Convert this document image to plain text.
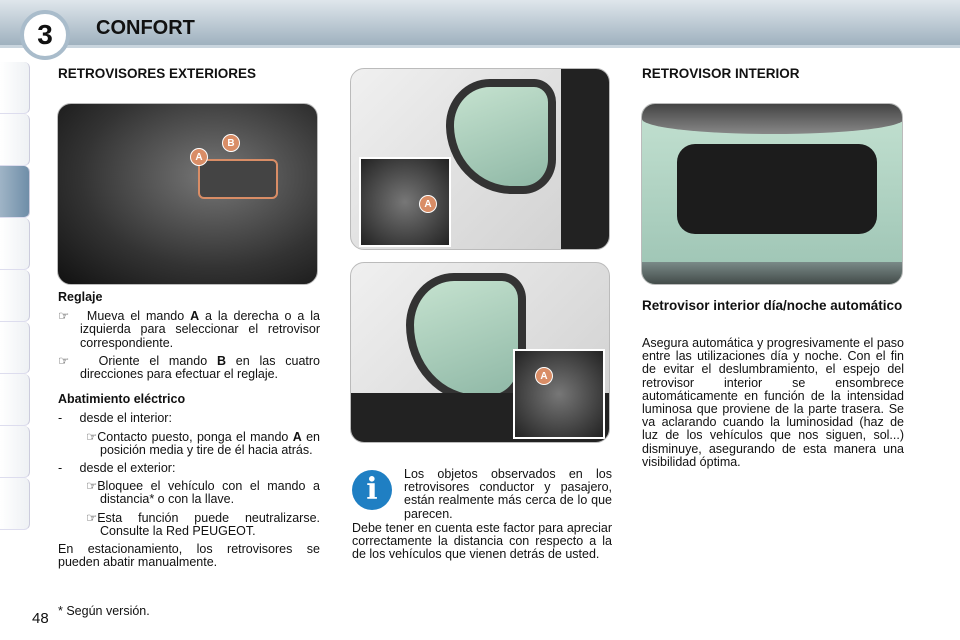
3	CONFORT
RETROVISORES EXTERIORES
A
B
Reglaje
☞   Mueva el mando A a la derecha o a la izquierda para seleccionar el retrovisor correspondiente.
☞   Oriente el mando B en las cuatro direcciones para efectuar el reglaje.
Abatimiento eléctrico
-     desde el interior:
☞Contacto puesto, ponga el mando A en posición media y tire de él hacia atrás.
-     desde el exterior:
☞Bloquee el vehículo con el mando a distancia* o con la llave.
☞Esta función puede neutralizarse. Consulte la Red PEUGEOT.
En estacionamiento, los retrovisores se pueden abatir manualmente.
A
A
i	Los objetos observados en los retrovisores conductor y pasajero, están realmente más cerca de lo que parecen.
Debe tener en cuenta este factor para apreciar correctamente la distancia con respecto a la de los vehículos que vienen detrás de usted.
RETROVISOR INTERIOR
Retrovisor interior día/noche automático
Asegura automática y progresivamente el paso entre las utilizaciones día y noche. Con el fin de evitar el deslumbramiento, el espejo del retrovisor interior se ensombrece automáticamente en función de la intensidad luminosa que proviene de la parte trasera. Se va aclarando cuando la luminosidad (haz de luz de los vehículos que nos siguen, sol...) disminuye, asegurando de esta manera una visibilidad óptima.
48 * Según versión.
